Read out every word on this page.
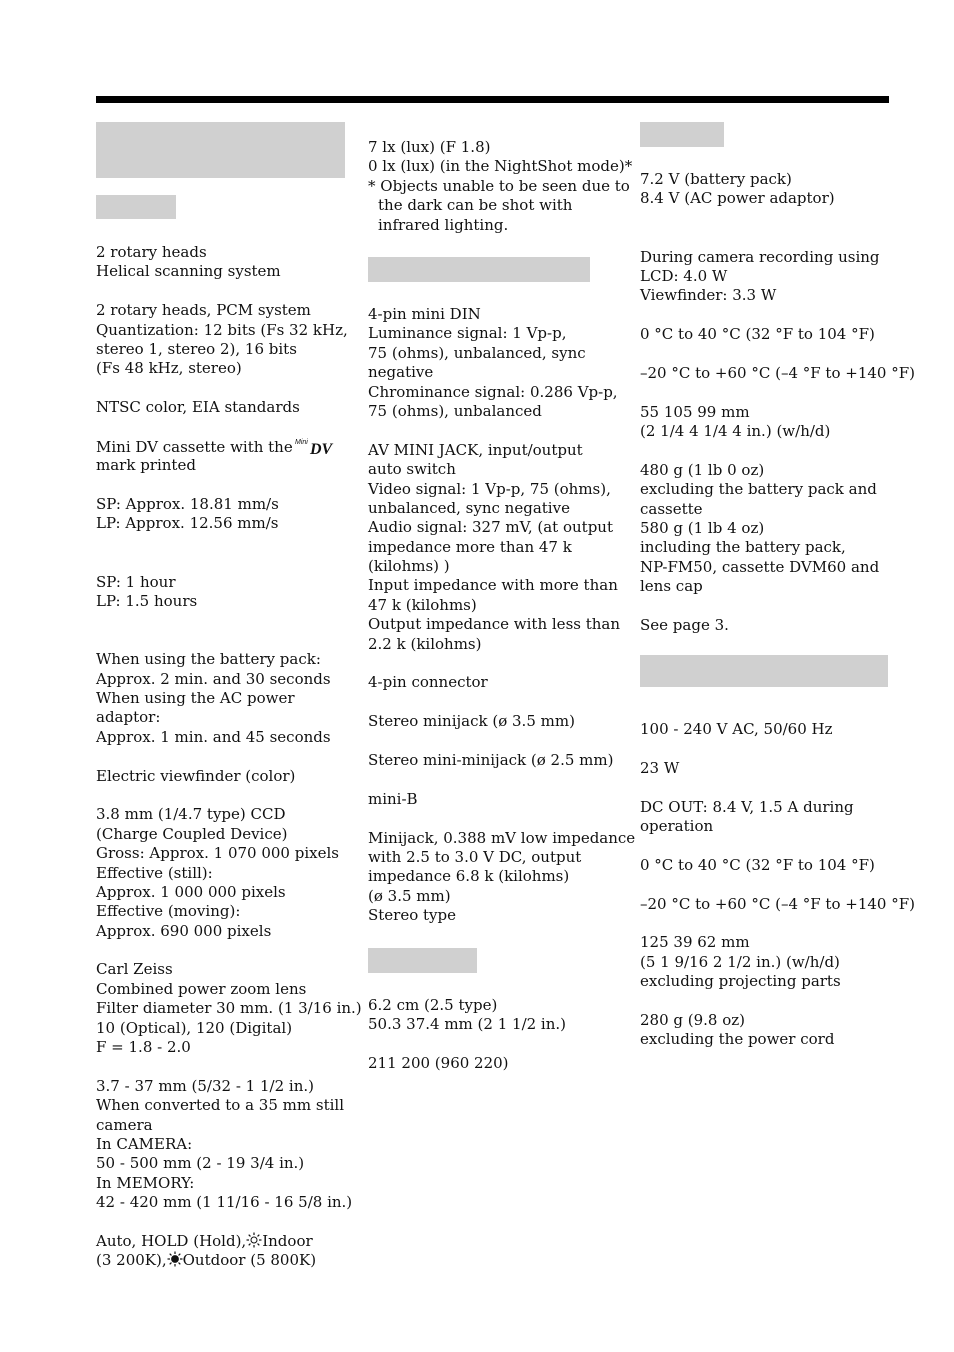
2 rotary heads
Helical scanning system
2 rotary heads, PCM system
Quantization: 12 bits (Fs 32 kHz,
stereo 1, stereo 2), 16 bits
(Fs 48 kHz, stereo)
NTSC color, EIA standards
Mini DV cassette with the Mini DV
mark printed
SP: Approx. 18.81 mm/s
LP: Approx. 12.56 mm/s
SP: 1 hour
LP: 1.5 hours
When using the battery pack:
Approx. 2 min. and 30 seconds
When using the AC power
adaptor:
Approx. 1 min. and 45 seconds
Electric viewfinder (color)
3.8 mm (1/4.7 type) CCD
(Charge Coupled Device)
Gross: Approx. 1 070 000 pixels
Effective (still):
Approx. 1 000 000 pixels
Effective (moving):
Approx. 690 000 pixels
Carl Zeiss
Combined power zoom lens
Filter diameter 30 mm. (1 3/16 in.)
10 (Optical), 120 (Digital)
F = 1.8 - 2.0
3.7 - 37 mm (5/32 - 1 1/2 in.)
When converted to a 35 mm still
camera
In CAMERA:
50 - 500 mm (2 - 19 3/4 in.)
In MEMORY:
42 - 420 mm (1 11/16 - 16 5/8 in.)
Auto, HOLD (Hold), Indoor
(3 200K), Outdoor (5 800K)
7 lx (lux) (F 1.8)
0 lx (lux) (in the NightShot mode)*
* Objects unable to be seen due to
the dark can be shot with
infrared lighting.
4-pin mini DIN
Luminance signal: 1 Vp-p,
75 (ohms), unbalanced, sync
negative
Chrominance signal: 0.286 Vp-p,
75 (ohms), unbalanced
AV MINI JACK, input/output
auto switch
Video signal: 1 Vp-p, 75 (ohms),
unbalanced, sync negative
Audio signal: 327 mV, (at output
impedance more than 47 k
(kilohms) )
Input impedance with more than
47 k (kilohms)
Output impedance with less than
2.2 k (kilohms)
4-pin connector
Stereo minijack (ø 3.5 mm)
Stereo mini-minijack (ø 2.5 mm)
mini-B
Minijack, 0.388 mV low impedance
with 2.5 to 3.0 V DC, output
impedance 6.8 k (kilohms)
(ø 3.5 mm)
Stereo type
6.2 cm (2.5 type)
50.3 37.4 mm (2 1 1/2 in.)
211 200 (960 220)
7.2 V (battery pack)
8.4 V (AC power adaptor)
During camera recording using
LCD: 4.0 W
Viewfinder: 3.3 W
0 °C to 40 °C (32 °F to 104 °F)
–20 °C to +60 °C (–4 °F to +140 °F)
55 105 99 mm
(2 1/4 4 1/4 4 in.) (w/h/d)
480 g (1 lb 0 oz)
excluding the battery pack and
cassette
580 g (1 lb 4 oz)
including the battery pack,
NP-FM50, cassette DVM60 and
lens cap
See page 3.
100 - 240 V AC, 50/60 Hz
23 W
DC OUT: 8.4 V, 1.5 A during
operation
0 °C to 40 °C (32 °F to 104 °F)
–20 °C to +60 °C (–4 °F to +140 °F)
125 39 62 mm
(5 1 9/16 2 1/2 in.) (w/h/d)
excluding projecting parts
280 g (9.8 oz)
excluding the power cord
